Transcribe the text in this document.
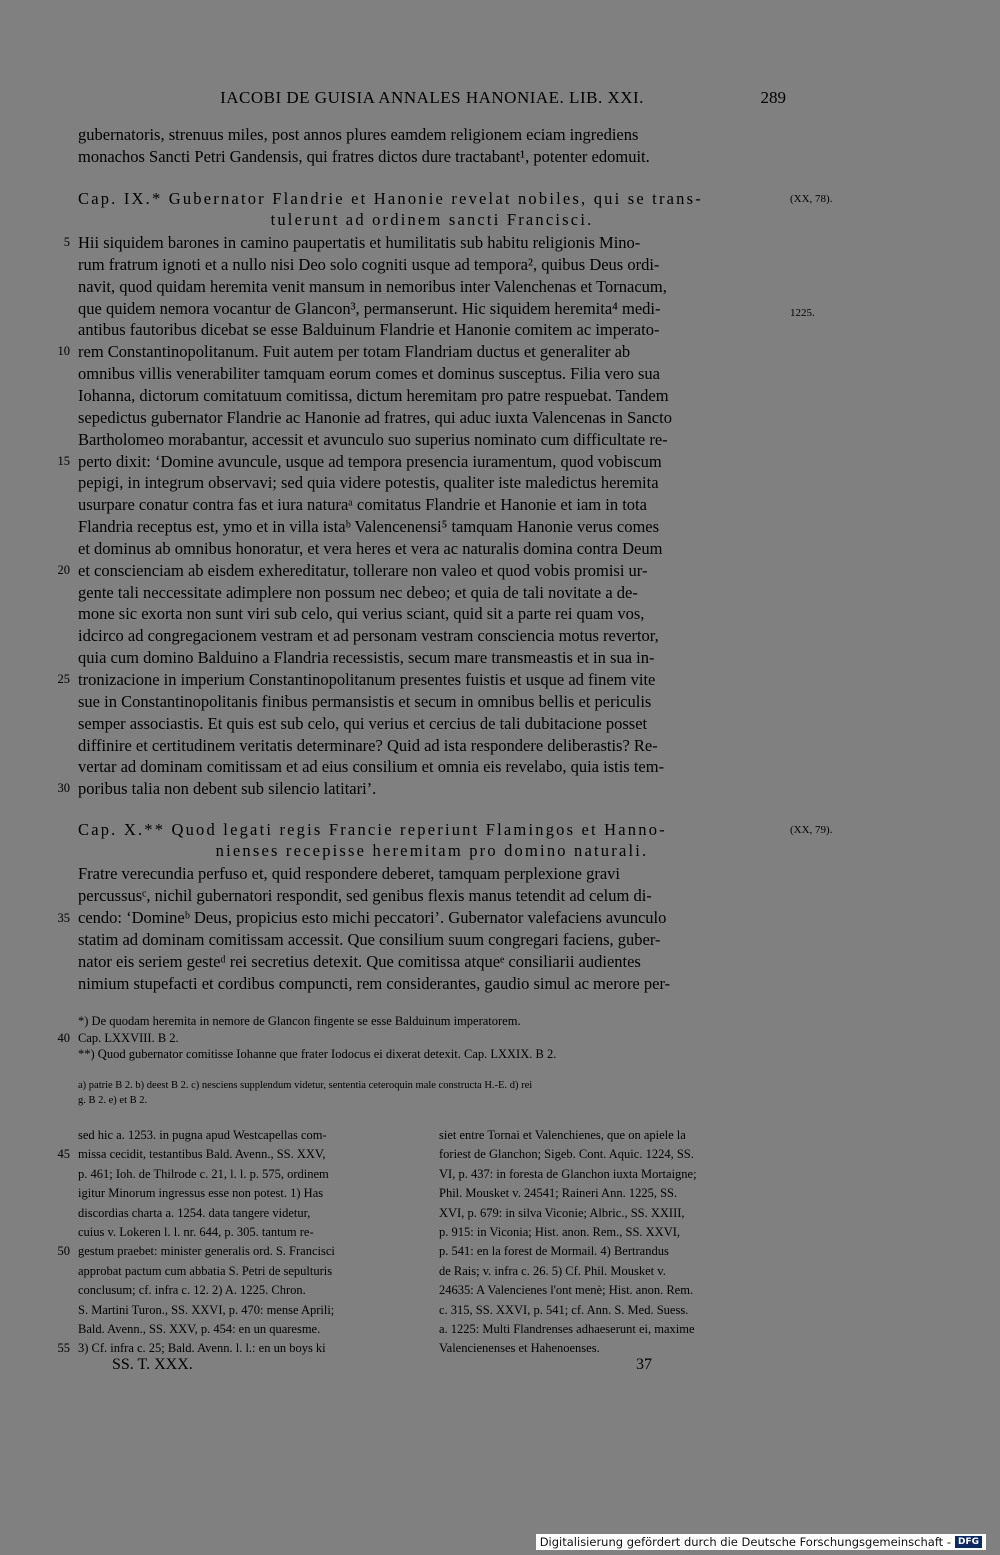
IACOBI DE GUISIA ANNALES HANONIAE. LIB. XXI.	289
gubernatoris, strenuus miles, post annos plures eamdem religionem eciam ingrediens
monachos Sancti Petri Gandensis, qui fratres dictos dure tractabant¹, potenter edomuit.
Cap. IX.* Gubernator Flandrie et Hanonie revelat nobiles, qui se trans-
tulerunt ad ordinem sancti Francisci.
(XX, 78).
1225.
Hii siquidem barones in camino paupertatis et humilitatis sub habitu religionis Mino-
5
rum fratrum ignoti et a nullo nisi Deo solo cogniti usque ad tempora², quibus Deus ordi-
navit, quod quidam heremita venit mansum in nemoribus inter Valenchenas et Tornacum,
que quidem nemora vocantur de Glancon³, permanserunt. Hic siquidem heremita⁴ medi-
antibus fautoribus dicebat se esse Balduinum Flandrie et Hanonie comitem ac imperato-
rem Constantinopolitanum. Fuit autem per totam Flandriam ductus et generaliter ab
10
omnibus villis venerabiliter tamquam eorum comes et dominus susceptus. Filia vero sua
Iohanna, dictorum comitatuum comitissa, dictum heremitam pro patre respuebat. Tandem
sepedictus gubernator Flandrie ac Hanonie ad fratres, qui aduc iuxta Valencenas in Sancto
Bartholomeo morabantur, accessit et avunculo suo superius nominato cum difficultate re-
perto dixit: ‘Domine avuncule, usque ad tempora presencia iuramentum, quod vobiscum
15
pepigi, in integrum observavi; sed quia videre potestis, qualiter iste maledictus heremita
usurpare conatur contra fas et iura naturaᵃ comitatus Flandrie et Hanonie et iam in tota
Flandria receptus est, ymo et in villa istaᵇ Valencenensi⁵ tamquam Hanonie verus comes
et dominus ab omnibus honoratur, et vera heres et vera ac naturalis domina contra Deum
et conscienciam ab eisdem exhereditatur, tollerare non valeo et quod vobis promisi ur-
20
gente tali neccessitate adimplere non possum nec debeo; et quia de tali novitate a de-
mone sic exorta non sunt viri sub celo, qui verius sciant, quid sit a parte rei quam vos,
idcirco ad congregacionem vestram et ad personam vestram consciencia motus revertor,
quia cum domino Balduino a Flandria recessistis, secum mare transmeastis et in sua in-
tronizacione in imperium Constantinopolitanum presentes fuistis et usque ad finem vite
25
sue in Constantinopolitanis finibus permansistis et secum in omnibus bellis et periculis
semper associastis. Et quis est sub celo, qui verius et cercius de tali dubitacione posset
diffinire et certitudinem veritatis determinare? Quid ad ista respondere deliberastis? Re-
vertar ad dominam comitissam et ad eius consilium et omnia eis revelabo, quia istis tem-
poribus talia non debent sub silencio latitari’.
30
Cap. X.** Quod legati regis Francie reperiunt Flamingos et Hanno-
nienses recepisse heremitam pro domino naturali.
(XX, 79).
Fratre verecundia perfuso et, quid respondere deberet, tamquam perplexione gravi
percussusᶜ, nichil gubernatori respondit, sed genibus flexis manus tetendit ad celum di-
cendo: ‘Domineᵇ Deus, propicius esto michi peccatori’. Gubernator valefaciens avunculo
35
statim ad dominam comitissam accessit. Que consilium suum congregari faciens, guber-
nator eis seriem gesteᵈ rei secretius detexit. Que comitissa atqueᵉ consiliarii audientes
nimium stupefacti et cordibus compuncti, rem considerantes, gaudio simul ac merore per-
*) De quodam heremita in nemore de Glancon fingente se esse Balduinum imperatorem.
Cap. LXXVIII. B 2.
40
**) Quod gubernator comitisse Iohanne que frater Iodocus ei dixerat detexit. Cap. LXXIX. B 2.
a) patrie B 2. b) deest B 2. c) nesciens supplendum videtur, sententia ceteroquin male constructa H.-E. d) rei
g. B 2. e) et B 2.
sed hic a. 1253. in pugna apud Westcapellas com-
missa cecidit, testantibus Bald. Avenn., SS. XXV,
45
p. 461; Ioh. de Thilrode c. 21, l. l. p. 575, ordinem
igitur Minorum ingressus esse non potest. 1) Has
discordias charta a. 1254. data tangere videtur,
cuius v. Lokeren l. l. nr. 644, p. 305. tantum re-
gestum praebet: minister generalis ord. S. Francisci
50
approbat pactum cum abbatia S. Petri de sepulturis
conclusum; cf. infra c. 12. 2) A. 1225. Chron.
S. Martini Turon., SS. XXVI, p. 470: mense Aprili;
Bald. Avenn., SS. XXV, p. 454: en un quaresme.
3) Cf. infra c. 25; Bald. Avenn. l. l.: en un boys ki
55
siet entre Tornai et Valenchienes, que on apiele la
foriest de Glanchon; Sigeb. Cont. Aquic. 1224, SS.
VI, p. 437: in foresta de Glanchon iuxta Mortaigne;
Phil. Mousket v. 24541; Raineri Ann. 1225, SS.
XVI, p. 679: in silva Viconie; Albric., SS. XXIII,
p. 915: in Viconia; Hist. anon. Rem., SS. XXVI,
p. 541: en la forest de Mormail. 4) Bertrandus
de Rais; v. infra c. 26. 5) Cf. Phil. Mousket v.
24635: A Valencienes l'ont menè; Hist. anon. Rem.
c. 315, SS. XXVI, p. 541; cf. Ann. S. Med. Suess.
a. 1225: Multi Flandrenses adhaeserunt ei, maxime
Valencienenses et Hahenoenses.
SS. T. XXX.	37
Digitalisierung gefördert durch die Deutsche Forschungsgemeinschaft - DFG
